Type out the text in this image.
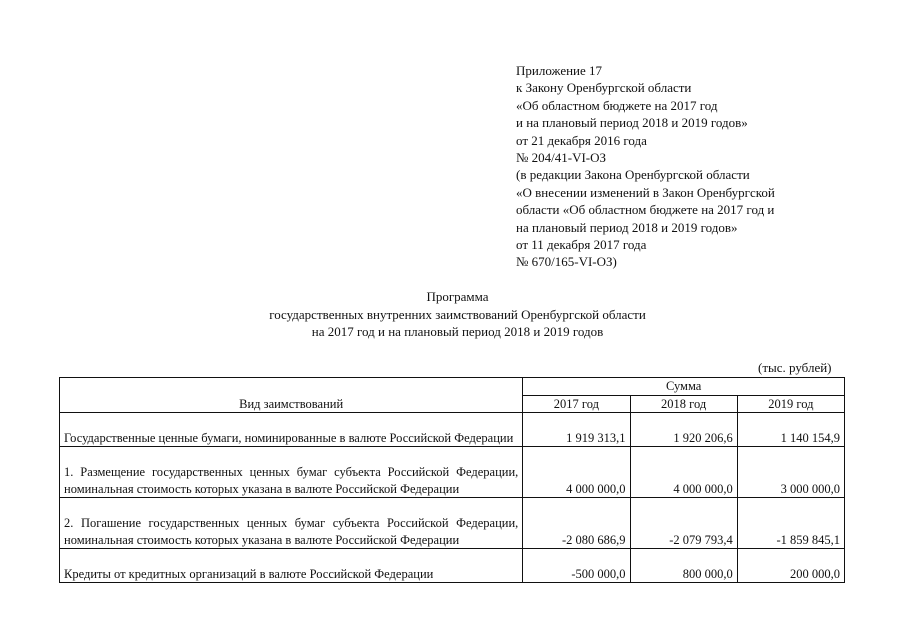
Приложение 17
к Закону Оренбургской области
«Об областном бюджете на 2017 год
и на плановый период 2018 и 2019 годов»
от 21 декабря 2016 года
№ 204/41-VI-ОЗ
(в редакции Закона Оренбургской области
«О внесении изменений в Закон Оренбургской
области «Об областном бюджете на 2017 год и
на плановый период 2018 и 2019 годов»
от 11 декабря 2017 года
№ 670/165-VI-ОЗ)
Программа
государственных внутренних заимствований Оренбургской области
на 2017 год и на плановый период 2018 и 2019 годов
(тыс. рублей)
Вид заимствований	Сумма		
	2017 год	2018 год	2019 год
Государственные ценные бумаги, номинированные в валюте Российской Федерации	1 919 313,1	1 920 206,6	1 140 154,9
1. Размещение государственных ценных бумаг субъекта Российской Федерации, номинальная стоимость которых указана в валюте Российской Федерации	4 000 000,0	4 000 000,0	3 000 000,0
2. Погашение государственных ценных бумаг субъекта Российской Федерации, номинальная стоимость которых указана в валюте Российской Федерации	-2 080 686,9	-2 079 793,4	-1 859 845,1
Кредиты от кредитных организаций в валюте Российской Федерации	-500 000,0	800 000,0	200 000,0
